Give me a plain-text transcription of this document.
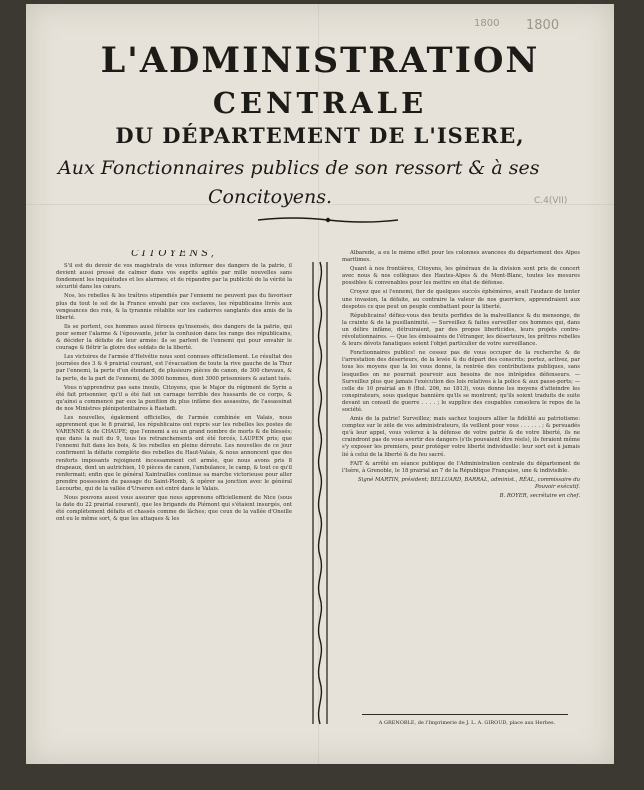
1800 1800
C.4(VII)
L'ADMINISTRATION
CENTRALE
DU DÉPARTEMENT DE L'ISERE,
Aux Fonctionnaires publics de son ressort & à ses
Concitoyens.

CITOYENS,

S'il est du devoir de vos magistrats de vous informer des dangers de la patrie, il devient aussi pressé de calmer dans vos esprits agités par mille nouvelles sans fondement les inquiétudes et les alarmes; et de répandre par la publicité de la vérité la sécurité dans les cœurs.

Nos, les rebelles & les traîtres stipendiés par l'ennemi ne peuvent pas du favoriser plus du tout le sol de la France envahi par ces esclaves, les républicains livrés aux vengeances des rois, & la tyrannie rétablie sur les cadavres sanglants des amis de la liberté.

Ils se portent, ces hommes aussi féroces qu'insensés, des dangers de la patrie, qui pour semer l'alarme & l'épouvante, jeter la confusion dans les rangs des républicains, & décider la défaite de leur armée: ils se parlent de l'ennemi qui pour envahir le courage & flétrir la gloire des soldats de la liberté.

Les victoires de l'armée d'Helvétie nous sont connues officiellement. Le résultat des journées des 3 & 4 prairial courant, est l'évacuation de toute la rive gauche de la Thur par l'ennemi, la perte d'un étendard, de plusieurs pièces de canon, de 300 chevaux, & la perte, de la part de l'ennemi, de 3000 hommes, dont 3000 prisonniers & autant tués.

Vous n'apprendrez pas sans inouïs, Citoyens, que le Major du régiment de Syrin a été fait prisonnier, qu'il a été fait un carnage terrible des hussards de ce corps, & qu'ainsi a commencé par eux la punition du plus infâme des assassins, de l'assassinat de nos Ministres plénipotentiaires à Rastadt.

Les nouvelles, également officielles, de l'armée combinée en Valais, nous apprennent que le 8 prairial, les républicains ont repris sur les rebelles les postes de VARENNE & de CHAUPE; que l'ennemi a eu un grand nombre de morts & de blessés; que dans la nuit du 9, tous les retranchements ont été forcés, LAUPEN pris; que l'ennemi fuit dans les bois, & les rebelles en pleine déroute. Les nouvelles de ce jour confirment la défaite complète des rebelles du Haut-Valais, & nous annoncent que des renforts imposants rejoignent incessamment cet armée, que nous avons pris 8 drapeaux, dont un autrichien, 10 pièces de canon, l'ambulance, le camp, & tout ce qu'il renfermait; enfin que le général Xaintrailles continue sa marche victorieuse pour aller prendre possession du passage du Saint-Plomb, & opérer sa jonction avec le général Lecourbe, qui de la vallée d'Urseren est entré dans le Valais.

Nous pouvons aussi vous assurer que nous apprenons officiellement de Nice (sous la date du 22 prairial courant), que les brigands du Piémont qui s'étaient insurgés, ont été complètement défaits et chassés comme de lâches; que ceux de la vallée d'Oneille ont eu le même sort, & que les attaques & les

Albarede, a eu le même effet pour les colonnes avancées du département des Alpes maritimes.

Quant à nos frontières, Citoyens, les généraux de la division sont pris de concert avec nous & nos collègues des Hautes-Alpes & du Mont-Blanc, toutes les mesures possibles & convenables pour les mettre en état de défense.

Croyez que si l'ennemi, fier de quelques succès éphémères, avait l'audace de tenter une invasion, la défaite, au contraire la valeur de nos guerriers, apprendraient aux despotes ce que peut un peuple combattant pour la liberté.

Républicains! défiez-vous des bruits perfides de la malveillance & du mensonge, de la crainte & de la pusillanimité. — Surveillez & faites surveiller ces hommes qui, dans un délire infâme, détruiraient, par des propos liberticides, leurs projets contre-révolutionnaires. — Que les émissaires de l'étranger, les déserteurs, les prêtres rebelles & leurs dévots fanatiques soient l'objet particulier de votre surveillance.

Fonctionnaires publics! ne cessez pas de vous occuper de la recherche & de l'arrestation des déserteurs, de la levée & du départ des conscrits; portez, activez, par tous les moyens que la loi vous donne, la rentrée des contributions publiques, sans lesquelles on ne pourrait pourvoir aux besoins de nos intrépides défenseurs. — Surveillez plus que jamais l'exécution des lois relatives à la police & aux passe-ports; — celle de 10 prairial an 6 (Bul. 206, no 1813), vous donne les moyens d'atteindre les conspirateurs, sous quelque bannière qu'ils se montrent; qu'ils soient traduits de suite devant un conseil de guerre . . . . ; le supplice des coupables consolera le repos de la société.

Amis de la patrie! Surveillez; mais sachez toujours allier la fidélité au patriotisme: comptez sur le zèle de vos administrateurs, ils veillent pour vous . . . . . . ; & persuadés qu'à leur appel, vous volerez à la défense de votre patrie & de votre liberté, ils ne craindront pas de vous avertir des dangers (s'ils pouvaient être réels), ils feraient même s'y exposer les premiers, pour protéger votre liberté individuelle: leur sort est à jamais lié à celui de la liberté & du feu sacré.

FAIT & arrêté en séance publique de l'Administration centrale du département de l'Isère, à Grenoble, le 18 prairial an 7 de la République Française, une & indivisible.

Signé MARTIN, président; BELLUARD, BARRAL, administ., RÉAL, commissaire du Pouvoir exécutif.

B. ROYER, secrétaire en chef.

A GRENOBLE, de l'Imprimerie de J. L. A. GIROUD, place aux Herbes.
